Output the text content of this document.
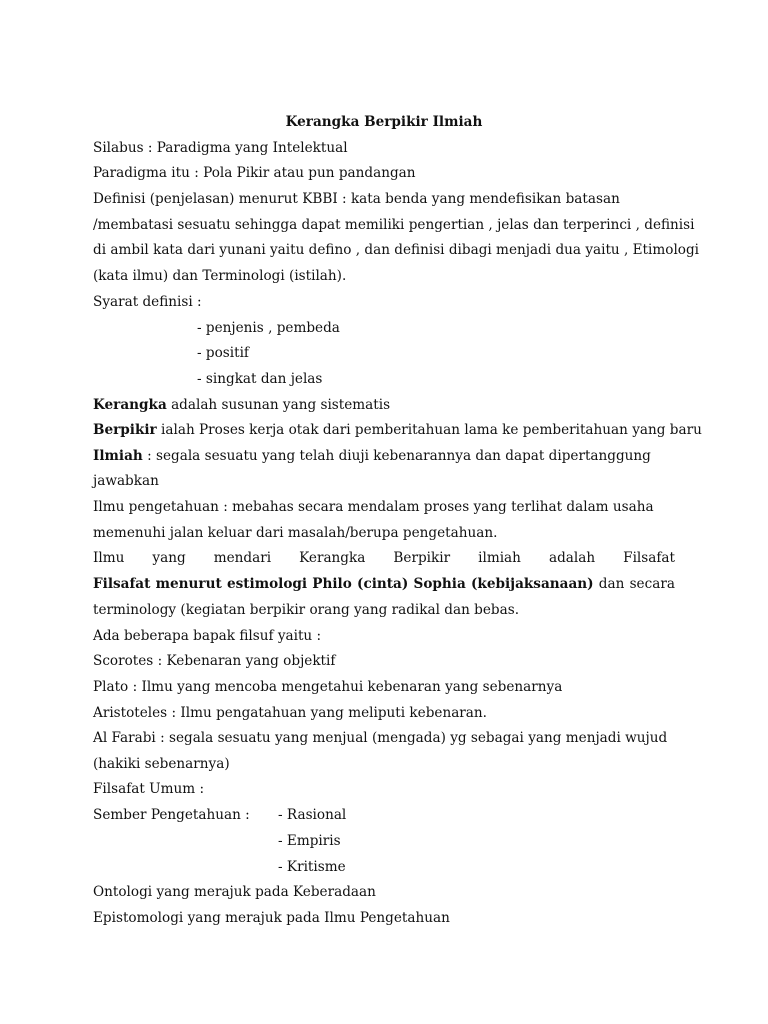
Kerangka Berpikir Ilmiah
Silabus : Paradigma yang Intelektual
Paradigma itu : Pola Pikir atau pun pandangan
Definisi (penjelasan) menurut KBBI : kata benda yang mendefisikan batasan
/membatasi sesuatu sehingga dapat memiliki pengertian , jelas dan terperinci , definisi
di ambil kata dari yunani yaitu defino , dan definisi dibagi menjadi dua yaitu , Etimologi
(kata ilmu) dan Terminologi (istilah).
Syarat definisi :
- penjenis , pembeda
- positif
- singkat dan jelas
Kerangka adalah susunan yang sistematis
Berpikir ialah Proses kerja otak dari pemberitahuan lama ke pemberitahuan yang baru
Ilmiah : segala sesuatu yang telah diuji kebenarannya dan dapat dipertanggung
jawabkan
Ilmu pengetahuan : mebahas secara mendalam proses yang terlihat dalam usaha
memenuhi jalan keluar dari masalah/berupa pengetahuan.
Ilmu yang mendari Kerangka Berpikir ilmiah adalah Filsafat
Filsafat menurut estimologi Philo (cinta) Sophia (kebijaksanaan) dan secara
terminology (kegiatan berpikir orang yang radikal dan bebas.
Ada beberapa bapak filsuf yaitu :
Scorotes : Kebenaran yang objektif
Plato : Ilmu yang mencoba mengetahui kebenaran yang sebenarnya
Aristoteles : Ilmu pengatahuan yang meliputi kebenaran.
Al Farabi : segala sesuatu yang menjual (mengada) yg sebagai yang menjadi wujud
(hakiki sebenarnya)
Filsafat Umum :
Sember Pengetahuan :	- Rasional
- Empiris
- Kritisme
Ontologi yang merajuk pada Keberadaan
Epistomologi yang merajuk pada Ilmu Pengetahuan
